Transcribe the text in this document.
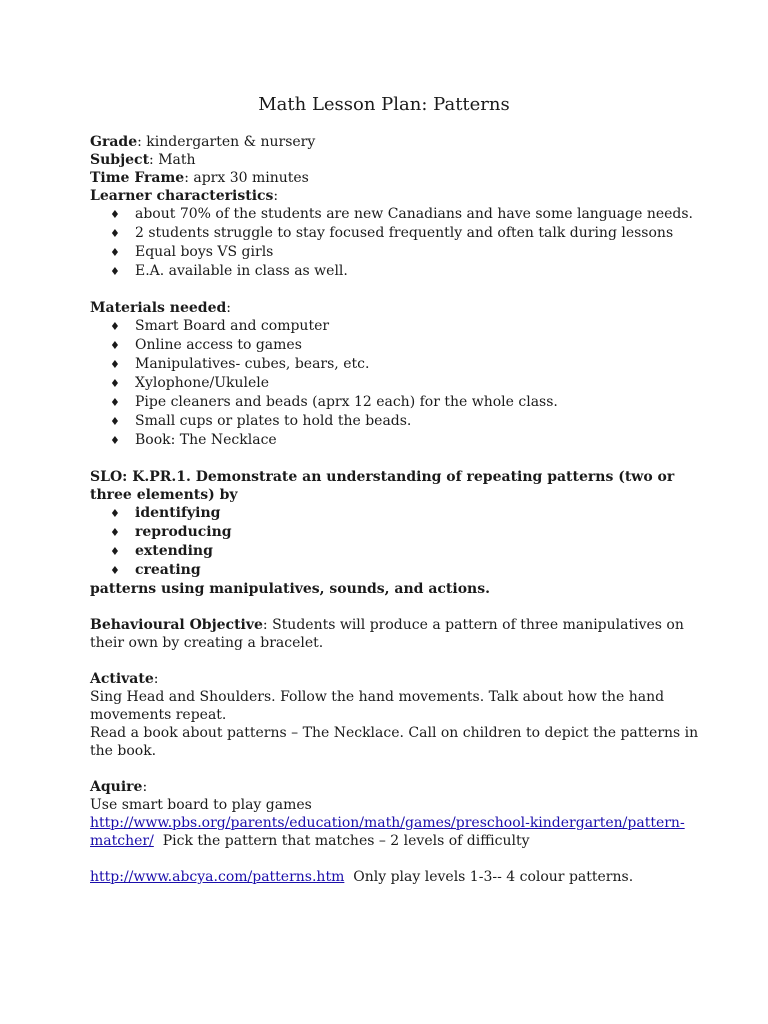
Math Lesson Plan: Patterns
Grade: kindergarten & nursery
Subject: Math
Time Frame: aprx 30 minutes
Learner characteristics:
♦ about 70% of the students are new Canadians and have some language needs.
♦ 2 students struggle to stay focused frequently and often talk during lessons
♦ Equal boys VS girls
♦ E.A. available in class as well.
Materials needed:
♦ Smart Board and computer
♦ Online access to games
♦ Manipulatives- cubes, bears, etc.
♦ Xylophone/Ukulele
♦ Pipe cleaners and beads (aprx 12 each) for the whole class.
♦ Small cups or plates to hold the beads.
♦ Book: The Necklace
SLO: K.PR.1. Demonstrate an understanding of repeating patterns (two or
three elements) by
♦ identifying
♦ reproducing
♦ extending
♦ creating
patterns using manipulatives, sounds, and actions.
Behavioural Objective: Students will produce a pattern of three manipulatives on
their own by creating a bracelet.
Activate:
Sing Head and Shoulders. Follow the hand movements. Talk about how the hand
movements repeat.
Read a book about patterns – The Necklace. Call on children to depict the patterns in
the book.
Aquire:
Use smart board to play games
http://www.pbs.org/parents/education/math/games/preschool-kindergarten/pattern-
matcher/  Pick the pattern that matches – 2 levels of difficulty
http://www.abcya.com/patterns.htm  Only play levels 1-3-- 4 colour patterns.
